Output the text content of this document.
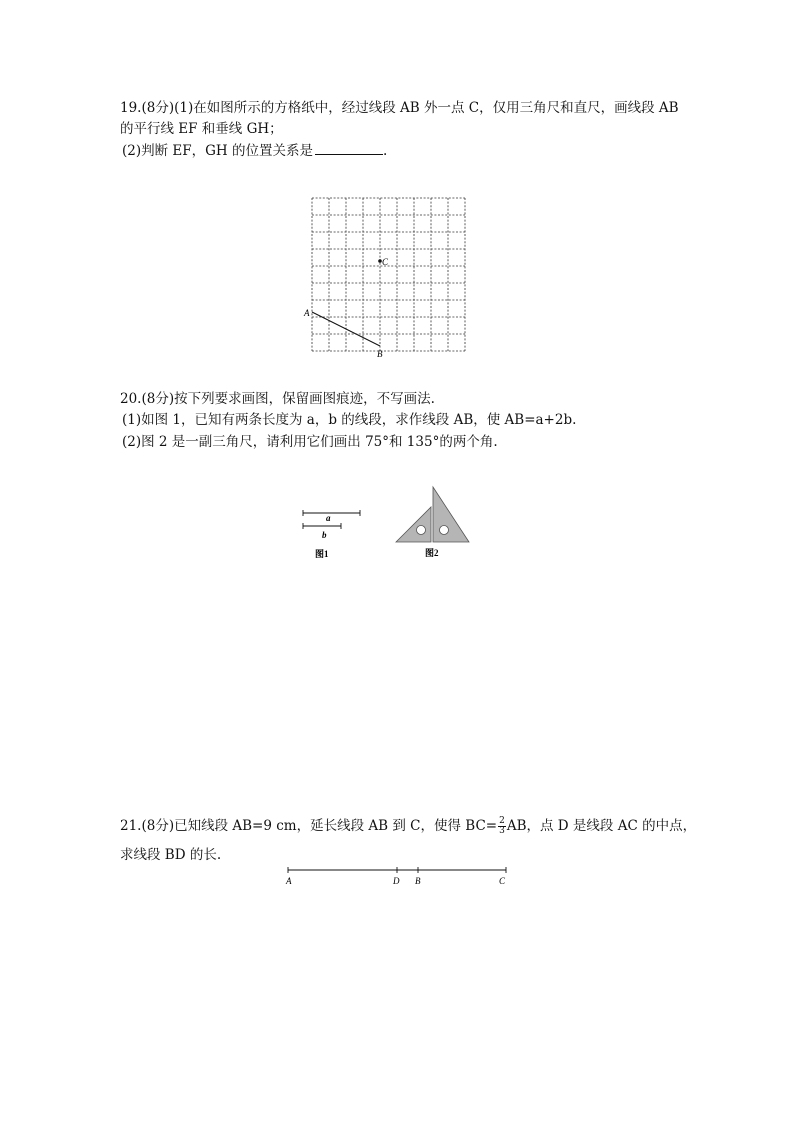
19.(8分)(1)在如图所示的方格纸中，经过线段 AB 外一点 C，仅用三角尺和直尺，画线段 AB
的平行线 EF 和垂线 GH；
(2)判断 EF，GH 的位置关系是	.
A
B
C
20.(8分)按下列要求画图，保留画图痕迹，不写画法.
(1)如图 1，已知有两条长度为 a，b 的线段，求作线段 AB，使 AB=a+2b.
(2)图 2 是一副三角尺，请利用它们画出 75°和 135°的两个角.
a
b
图1	图2
21.(8分)已知线段 AB=9 cm，延长线段 AB 到 C，使得 $BC= \frac{2}{3}$ AB，点 D 是线段 AC 的中点，
求线段 BD 的长.
A	D B	C
